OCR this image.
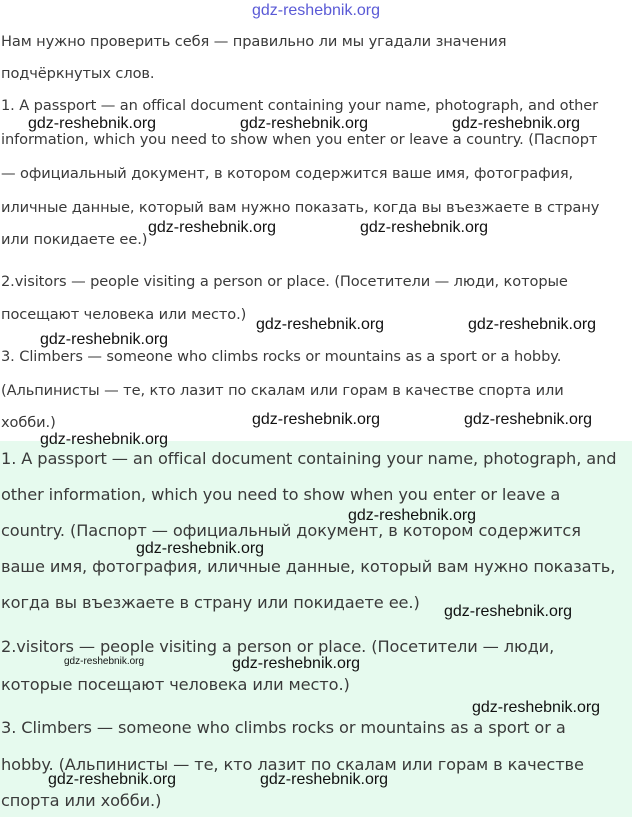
gdz-reshebnik.org
Нам нужно проверить себя — правильно ли мы угадали значения
подчёркнутых слов.
1. A passport — an offical document containing your name, photograph, and other
information, which you need to show when you enter or leave a country. (Паспорт
— официальный документ, в котором содержится ваше имя, фотография,
иличные данные, который вам нужно показать, когда вы въезжаете в страну
или покидаете ее.)
2.visitors — people visiting a person or place. (Посетители — люди, которые
посещают человека или место.)
3. Climbers — someone who climbs rocks or mountains as a sport or a hobby.
(Альпинисты — те, кто лазит по скалам или горам в качестве спорта или
хобби.)
1. A passport — an offical document containing your name, photograph, and
other information, which you need to show when you enter or leave a
country. (Паспорт — официальный документ, в котором содержится
ваше имя, фотография, иличные данные, который вам нужно показать,
когда вы въезжаете в страну или покидаете ее.)
2.visitors — people visiting a person or place. (Посетители — люди,
которые посещают человека или место.)
3. Climbers — someone who climbs rocks or mountains as a sport or a
hobby. (Альпинисты — те, кто лазит по скалам или горам в качестве
спорта или хобби.)
gdz-reshebnik.org	gdz-reshebnik.org	gdz-reshebnik.org
gdz-reshebnik.org	gdz-reshebnik.org
gdz-reshebnik.org	gdz-reshebnik.org
gdz-reshebnik.org
gdz-reshebnik.org	gdz-reshebnik.org
gdz-reshebnik.org
gdz-reshebnik.org
gdz-reshebnik.org
gdz-reshebnik.org
gdz-reshebnik.org	gdz-reshebnik.org
gdz-reshebnik.org
gdz-reshebnik.org	gdz-reshebnik.org
